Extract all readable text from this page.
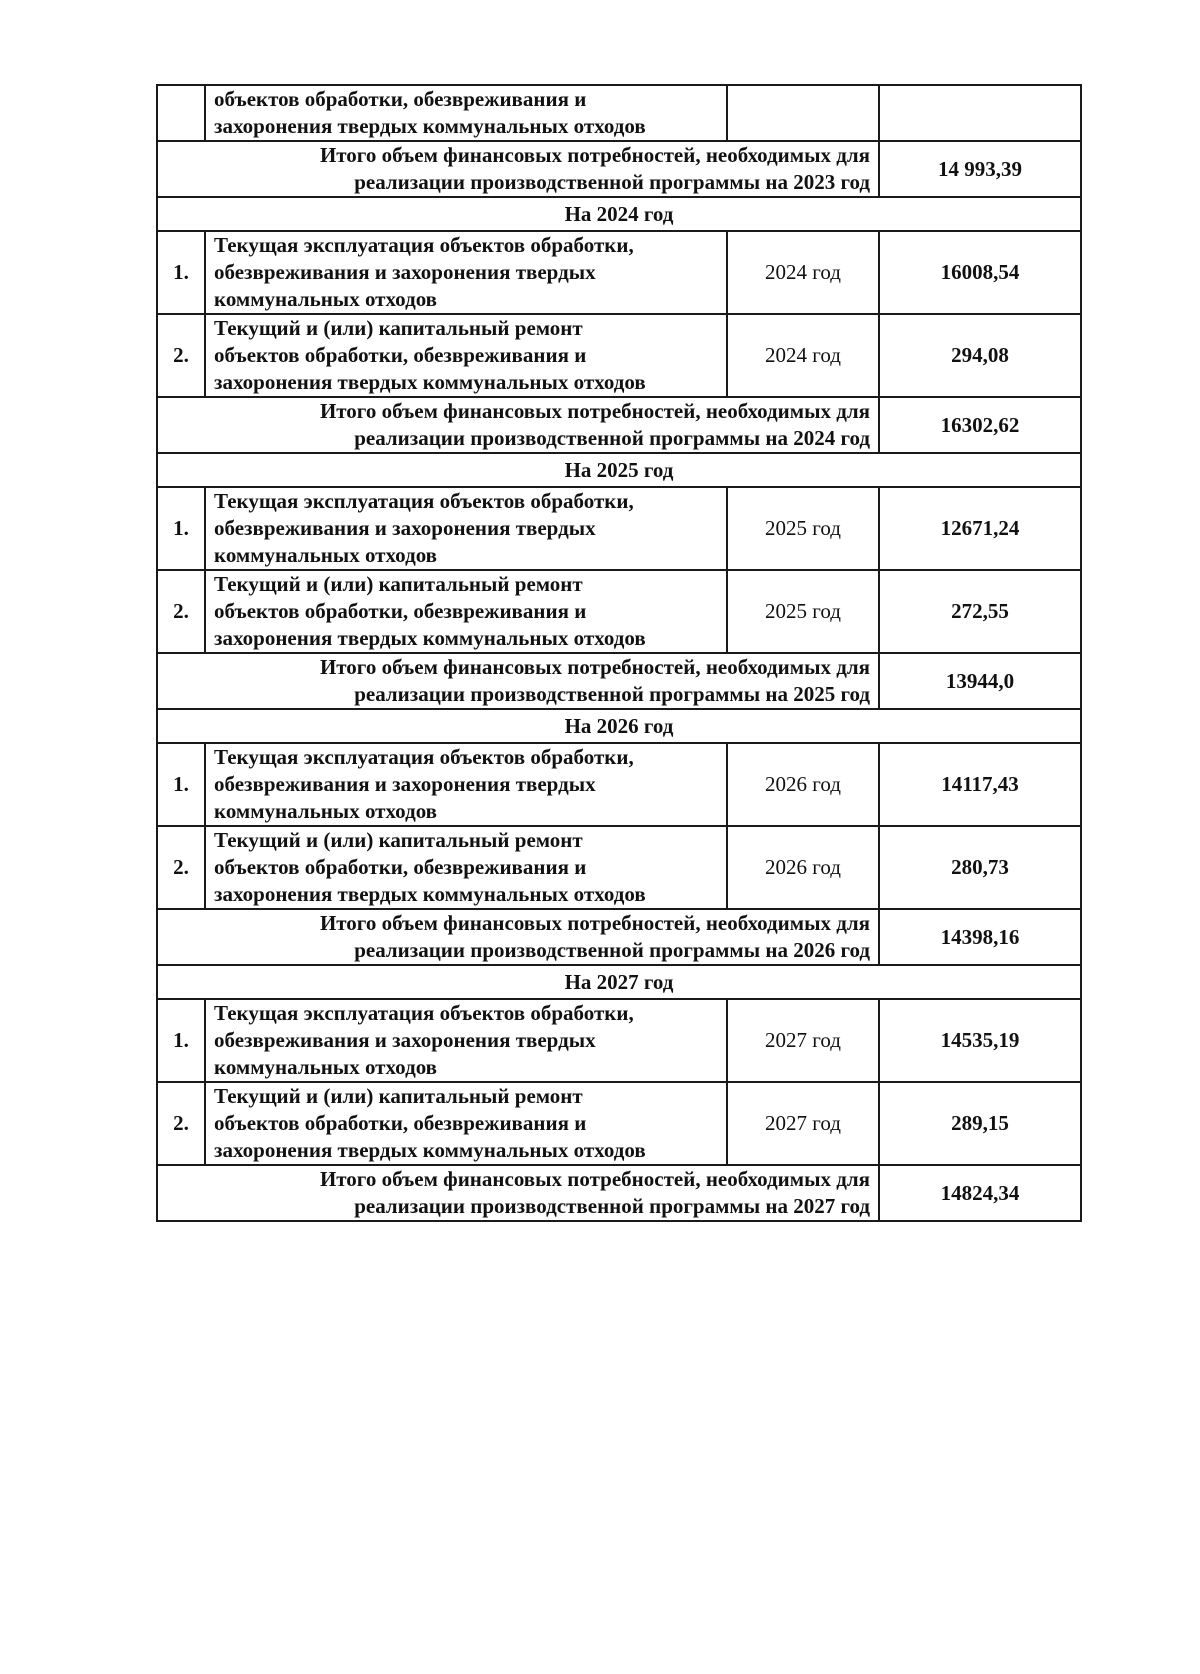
	объектов обработки, обезвреживания и
захоронения твердых коммунальных отходов		

Итого объем финансовых потребностей, необходимых для
реализации производственной программы на 2023 год			14 993,39
На 2024 год			
1.	Текущая эксплуатация объектов обработки,
обезвреживания и захоронения твердых
коммунальных отходов	2024 год	16008,54
2.	Текущий и (или) капитальный ремонт
объектов обработки, обезвреживания и
захоронения твердых коммунальных отходов	2024 год	294,08

Итого объем финансовых потребностей, необходимых для
реализации производственной программы на 2024 год			16302,62
На 2025 год			
1.	Текущая эксплуатация объектов обработки,
обезвреживания и захоронения твердых
коммунальных отходов	2025 год	12671,24
2.	Текущий и (или) капитальный ремонт
объектов обработки, обезвреживания и
захоронения твердых коммунальных отходов	2025 год	272,55

Итого объем финансовых потребностей, необходимых для
реализации производственной программы на 2025 год			13944,0
На 2026 год			
1.	Текущая эксплуатация объектов обработки,
обезвреживания и захоронения твердых
коммунальных отходов	2026 год	14117,43
2.	Текущий и (или) капитальный ремонт
объектов обработки, обезвреживания и
захоронения твердых коммунальных отходов	2026 год	280,73

Итого объем финансовых потребностей, необходимых для
реализации производственной программы на 2026 год			14398,16
На 2027 год			
1.	Текущая эксплуатация объектов обработки,
обезвреживания и захоронения твердых
коммунальных отходов	2027 год	14535,19
2.	Текущий и (или) капитальный ремонт
объектов обработки, обезвреживания и
захоронения твердых коммунальных отходов	2027 год	289,15

Итого объем финансовых потребностей, необходимых для
реализации производственной программы на 2027 год			14824,34
